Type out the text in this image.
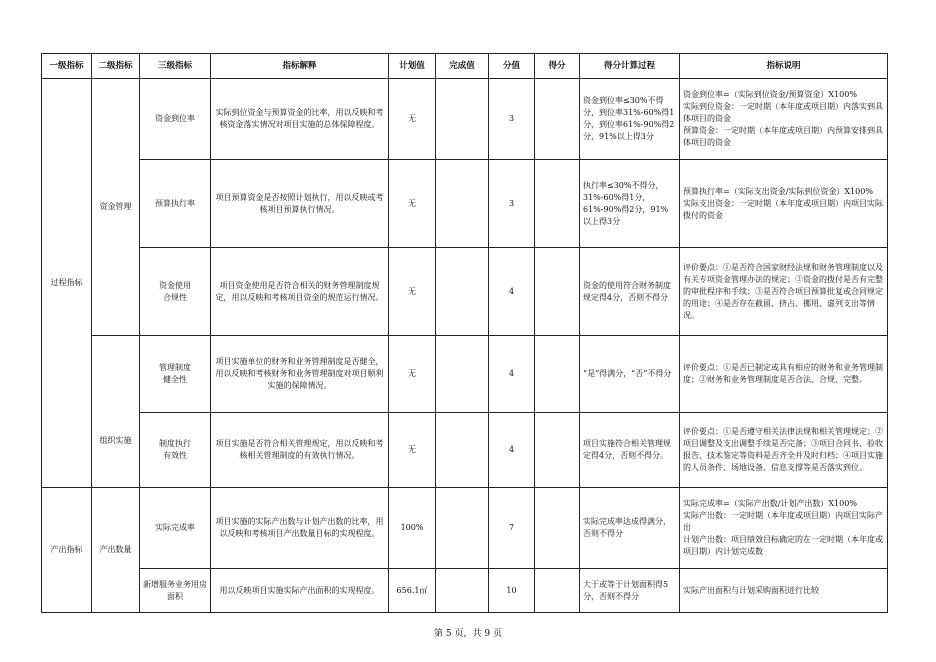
一级指标	二级指标	三级指标	指标解释	计划值	完成值	分值	得分	得分计算过程	指标说明
过程指标	资金管理	资金到位率	实际到位资金与预算资金的比率，用以反映和考核资金落实情况对项目实施的总体保障程度。	无		3		资金到位率≤30%不得分，到位率31%-60%得1分，到位率61%-90%得2分，91%以上得3分	资金到位率=（实际到位资金/预算资金）X100%
实际到位资金：一定时期（本年度或项目期）内落实到具体项目的资金
预算资金：一定时期（本年度或项目期）内预算安排到具体项目的资金

		预算执行率	项目预算资金是否按照计划执行，用以反映或考核项目预算执行情况。	无		3		执行率≤30%不得分，31%-60%得1分，61%-90%得2分，91%以上得3分	预算执行率=（实际支出资金/实际到位资金）X100%
实际支出资金：一定时期（本年度或项目期）内项目实际拨付的资金

		资金使用
合规性	项目资金使用是否符合相关的财务管理制度规定，用以反映和考核项目资金的规范运行情况。	无		4		资金的使用符合财务制度规定得4分，否则不得分	评价要点：①是否符合国家财经法规和财务管理制度以及有关专项资金管理办法的规定；②资金的拨付是否有完整的审批程序和手续；③是否符合项目预算批复或合同规定的用途；④是否存在截留、挤占、挪用、虚列支出等情况。
	组织实施	管理制度
健全性	项目实施单位的财务和业务管理制度是否健全，用以反映和考核财务和业务管理制度对项目顺利实施的保障情况。	无		4		“是”得满分，“否”不得分	评价要点：①是否已制定或具有相应的财务和业务管理制度；②财务和业务管理制度是否合法、合规、完整。

		制度执行
有效性	项目实施是否符合相关管理规定，用以反映和考核相关管理制度的有效执行情况。	无		4		项目实施符合相关管理规定得4分，否则不得分。	评价要点：①是否遵守相关法律法规和相关管理规定；②项目调整及支出调整手续是否完备；③项目合同书、验收报告、技术鉴定等资料是否齐全并及时归档；④项目实施的人员条件、场地设备、信息支撑等是否落实到位。
产出指标	产出数量	实际完成率	项目实施的实际产出数与计划产出数的比率，用以反映和考核项目产出数量目标的实现程度。	100%		7		实际完成率达成得满分，否则不得分	实际完成率=（实际产出数/计划产出数）X100%
实际产出数：一定时期（本年度或项目期）内项目实际产出
计划产出数：项目绩效目标确定的在一定时期（本年度或项目期）内计划完成数

		新增服务业务用房面积	用以反映项目实施实际产出面积的实现程度。	656.1㎡		10		大于或等于计划面积得5分，否则不得分	实际产出面积与计划采购面积进行比较
第 5 页，共 9 页
